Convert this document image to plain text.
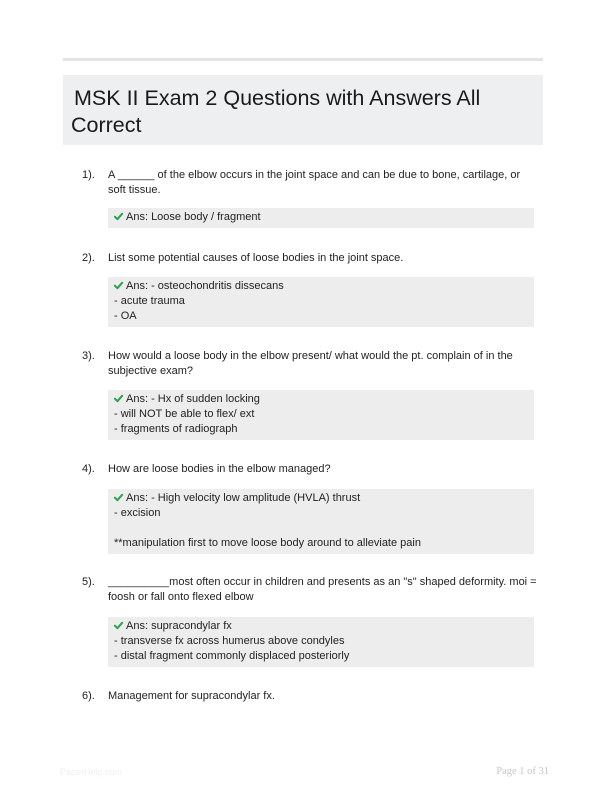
MSK II Exam 2 Questions with Answers All
Correct
1). A ______ of the elbow occurs in the joint space and can be due to bone, cartilage, or soft tissue.
Ans: Loose body / fragment
2). List some potential causes of loose bodies in the joint space.
Ans: - osteochondritis dissecans
- acute trauma
- OA
3). How would a loose body in the elbow present/ what would the pt. complain of in the subjective exam?
Ans: - Hx of sudden locking
- will NOT be able to flex/ ext
- fragments of radiograph
4). How are loose bodies in the elbow managed?
Ans: - High velocity low amplitude (HVLA) thrust
- excision
**manipulation first to move loose body around to alleviate pain
5). __________most often occur in children and presents as an "s" shaped deformity. moi = foosh or fall onto flexed elbow
Ans: supracondylar fx
- transverse fx across humerus above condyles
- distal fragment commonly displaced posteriorly
6). Management for supracondylar fx.
PaperHelp.com	Page 1 of 31
